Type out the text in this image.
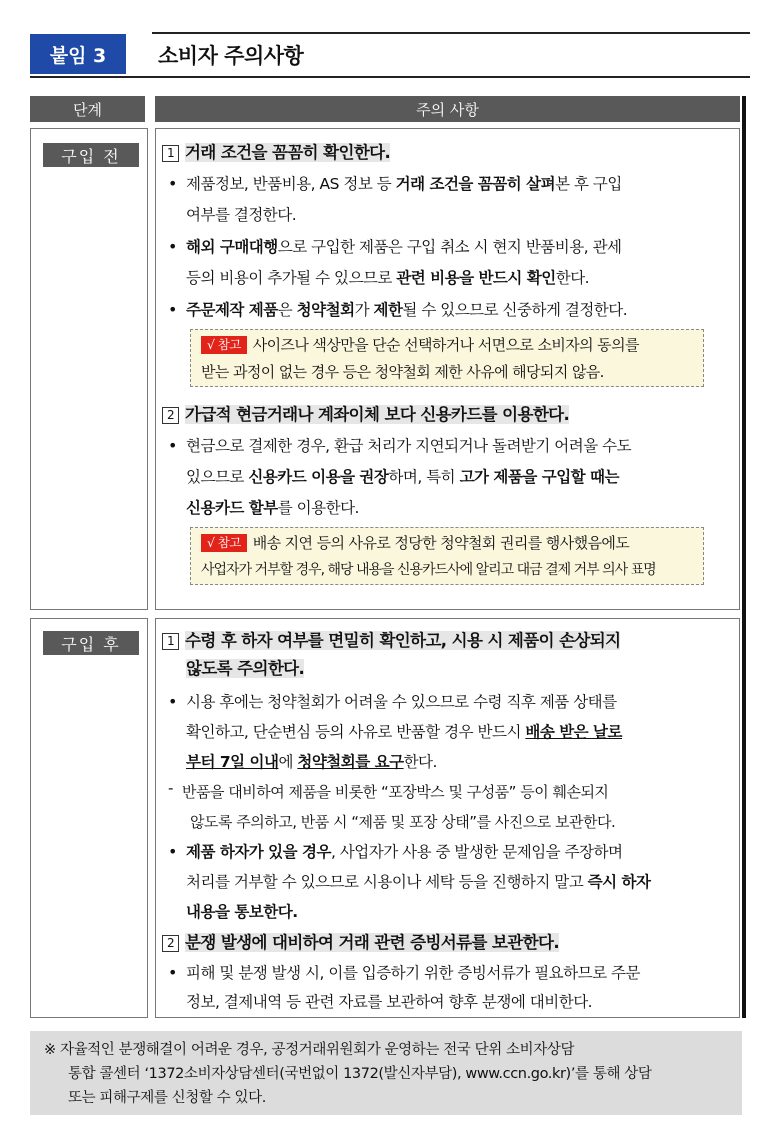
붙임 3	소비자 주의사항
단계	주의 사항
구입 전	1 거래 조건을 꼼꼼히 확인한다.
• 제품정보, 반품비용, AS 정보 등 거래 조건을 꼼꼼히 살펴본 후 구입
여부를 결정한다.
• 해외 구매대행으로 구입한 제품은 구입 취소 시 현지 반품비용, 관세
등의 비용이 추가될 수 있으므로 관련 비용을 반드시 확인한다.
• 주문제작 제품은 청약철회가 제한될 수 있으므로 신중하게 결정한다.
√ 참고 사이즈나 색상만을 단순 선택하거나 서면으로 소비자의 동의를
받는 과정이 없는 경우 등은 청약철회 제한 사유에 해당되지 않음.
2 가급적 현금거래나 계좌이체 보다 신용카드를 이용한다.
• 현금으로 결제한 경우, 환급 처리가 지연되거나 돌려받기 어려울 수도
있으므로 신용카드 이용을 권장하며, 특히 고가 제품을 구입할 때는
신용카드 할부를 이용한다.
√ 참고 배송 지연 등의 사유로 정당한 청약철회 권리를 행사했음에도
사업자가 거부할 경우, 해당 내용을 신용카드사에 알리고 대금 결제 거부 의사 표명
구입 후	1 수령 후 하자 여부를 면밀히 확인하고, 시용 시 제품이 손상되지
않도록 주의한다.
• 시용 후에는 청약철회가 어려울 수 있으므로 수령 직후 제품 상태를
확인하고, 단순변심 등의 사유로 반품할 경우 반드시 배송 받은 날로
부터 7일 이내에 청약철회를 요구한다.
- 반품을 대비하여 제품을 비롯한 “포장박스 및 구성품” 등이 훼손되지
않도록 주의하고, 반품 시 “제품 및 포장 상태”를 사진으로 보관한다.
• 제품 하자가 있을 경우, 사업자가 사용 중 발생한 문제임을 주장하며
처리를 거부할 수 있으므로 시용이나 세탁 등을 진행하지 말고 즉시 하자
내용을 통보한다.
2 분쟁 발생에 대비하여 거래 관련 증빙서류를 보관한다.
• 피해 및 분쟁 발생 시, 이를 입증하기 위한 증빙서류가 필요하므로 주문
정보, 결제내역 등 관련 자료를 보관하여 향후 분쟁에 대비한다.
※ 자율적인 분쟁해결이 어려운 경우, 공정거래위원회가 운영하는 전국 단위 소비자상담
통합 콜센터 ‘1372소비자상담센터(국번없이 1372(발신자부담), www.ccn.go.kr)’를 통해 상담
또는 피해구제를 신청할 수 있다.
